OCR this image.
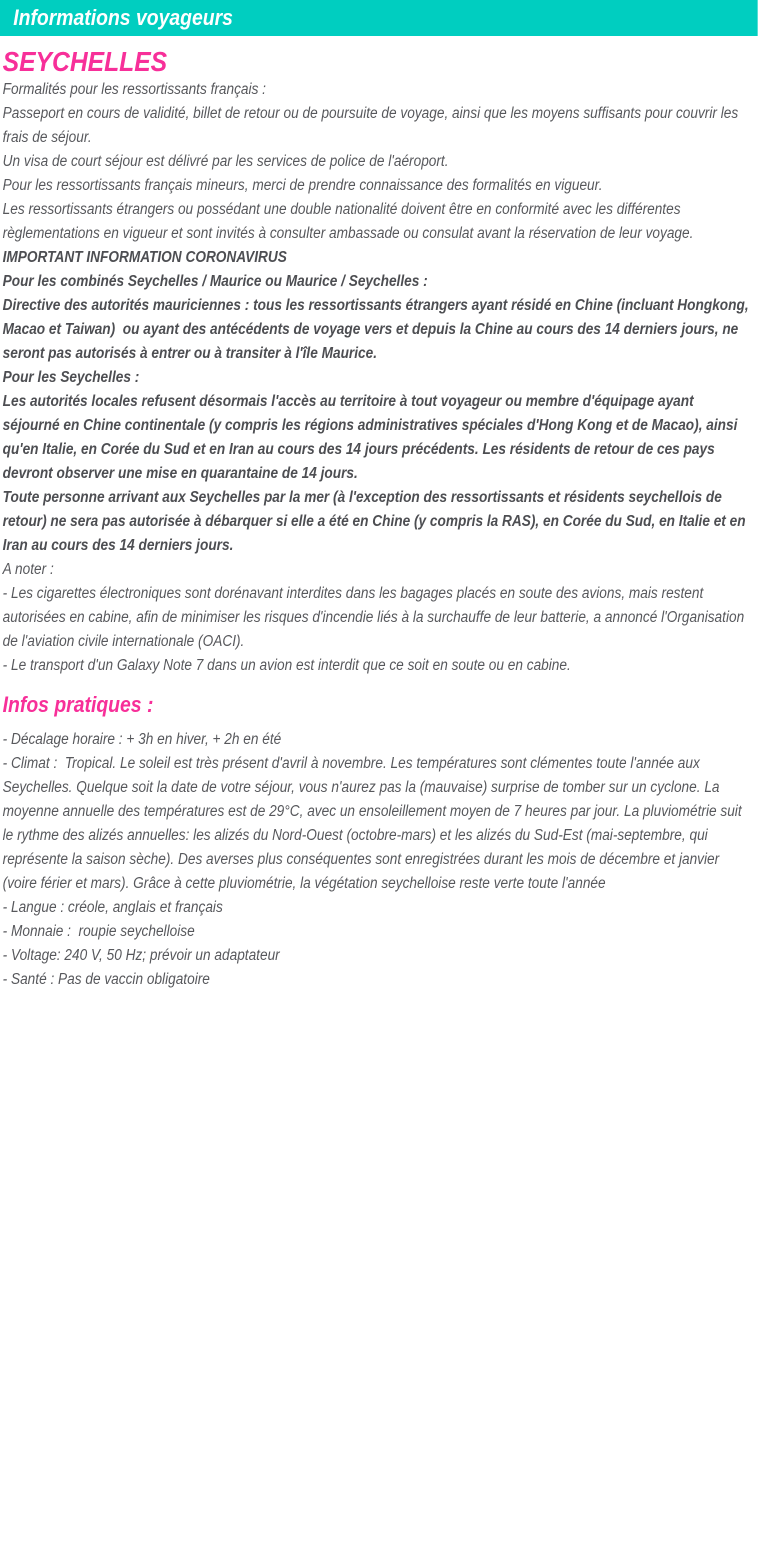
Informations voyageurs
SEYCHELLES

Formalités pour les ressortissants français :

Passeport en cours de validité, billet de retour ou de poursuite de voyage, ainsi que les moyens suffisants pour couvrir les frais de séjour.

Un visa de court séjour est délivré par les services de police de l'aéroport.

Pour les ressortissants français mineurs, merci de prendre connaissance des formalités en vigueur.

Les ressortissants étrangers ou possédant une double nationalité doivent être en conformité avec les différentes règlementations en vigueur et sont invités à consulter ambassade ou consulat avant la réservation de leur voyage.

IMPORTANT INFORMATION CORONAVIRUS

Pour les combinés Seychelles / Maurice ou Maurice / Seychelles :

Directive des autorités mauriciennes : tous les ressortissants étrangers ayant résidé en Chine (incluant Hongkong, Macao et Taiwan)  ou ayant des antécédents de voyage vers et depuis la Chine au cours des 14 derniers jours, ne seront pas autorisés à entrer ou à transiter à l'île Maurice.

Pour les Seychelles :

Les autorités locales refusent désormais l'accès au territoire à tout voyageur ou membre d'équipage ayant séjourné en Chine continentale (y compris les régions administratives spéciales d'Hong Kong et de Macao), ainsi qu'en Italie, en Corée du Sud et en Iran au cours des 14 jours précédents. Les résidents de retour de ces pays devront observer une mise en quarantaine de 14 jours.

Toute personne arrivant aux Seychelles par la mer (à l'exception des ressortissants et résidents seychellois de retour) ne sera pas autorisée à débarquer si elle a été en Chine (y compris la RAS), en Corée du Sud, en Italie et en Iran au cours des 14 derniers jours.

A noter :

- Les cigarettes électroniques sont dorénavant interdites dans les bagages placés en soute des avions, mais restent autorisées en cabine, afin de minimiser les risques d'incendie liés à la surchauffe de leur batterie, a annoncé l'Organisation de l'aviation civile internationale (OACI).

- Le transport d'un Galaxy Note 7 dans un avion est interdit que ce soit en soute ou en cabine.

Infos pratiques :

- Décalage horaire : + 3h en hiver, + 2h en été

- Climat :  Tropical. Le soleil est très présent d'avril à novembre. Les températures sont clémentes toute l'année aux Seychelles. Quelque soit la date de votre séjour, vous n'aurez pas la (mauvaise) surprise de tomber sur un cyclone. La moyenne annuelle des températures est de 29°C, avec un ensoleillement moyen de 7 heures par jour. La pluviométrie suit le rythme des alizés annuelles: les alizés du Nord-Ouest (octobre-mars) et les alizés du Sud-Est (mai-septembre, qui représente la saison sèche). Des averses plus conséquentes sont enregistrées durant les mois de décembre et janvier (voire férier et mars). Grâce à cette pluviométrie, la végétation seychelloise reste verte toute l'année

- Langue : créole, anglais et français

- Monnaie :  roupie seychelloise

- Voltage: 240 V, 50 Hz; prévoir un adaptateur

- Santé : Pas de vaccin obligatoire
